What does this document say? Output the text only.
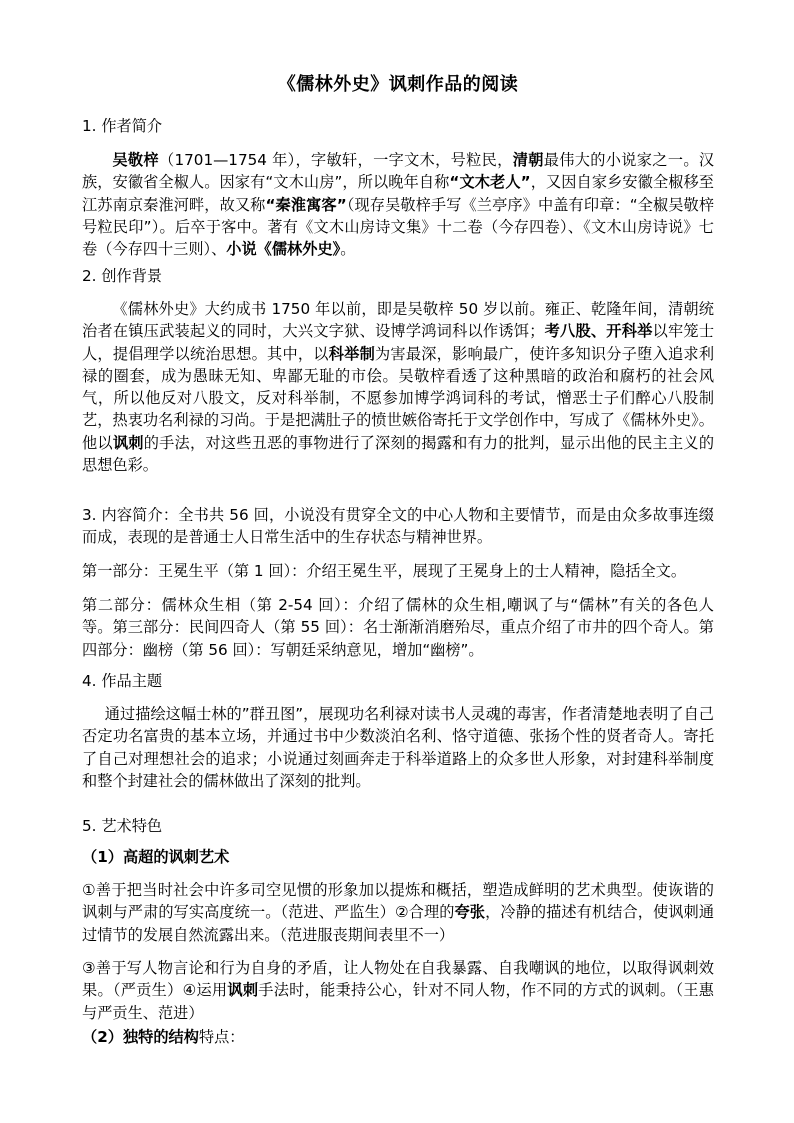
《儒林外史》讽刺作品的阅读
1. 作者简介
吴敬梓（1701—1754 年），字敏轩，一字文木，号粒民，清朝最伟大的小说家之一。汉族，安徽省全椒人。因家有“文木山房”，所以晚年自称“文木老人”，又因自家乡安徽全椒移至江苏南京秦淮河畔，故又称“秦淮寓客”（现存吴敬梓手写《兰亭序》中盖有印章：“全椒吴敬梓号粒民印”）。后卒于客中。著有《文木山房诗文集》十二卷（今存四卷）、《文木山房诗说》七卷（今存四十三则）、小说《儒林外史》。
2. 创作背景
《儒林外史》大约成书 1750 年以前，即是吴敬梓 50 岁以前。雍正、乾隆年间，清朝统治者在镇压武装起义的同时，大兴文字狱、设博学鸿词科以作诱饵；考八股、开科举以牢笼士人，提倡理学以统治思想。其中，以科举制为害最深，影响最广，使许多知识分子堕入追求利禄的圈套，成为愚昧无知、卑鄙无耻的市侩。吴敬梓看透了这种黑暗的政治和腐朽的社会风气，所以他反对八股文，反对科举制，不愿参加博学鸿词科的考试，憎恶士子们醉心八股制艺，热衷功名利禄的习尚。于是把满肚子的愤世嫉俗寄托于文学创作中，写成了《儒林外史》。他以讽刺的手法，对这些丑恶的事物进行了深刻的揭露和有力的批判，显示出他的民主主义的思想色彩。
3. 内容简介：全书共 56 回，小说没有贯穿全文的中心人物和主要情节，而是由众多故事连缀而成，表现的是普通士人日常生活中的生存状态与精神世界。
第一部分：王冕生平（第 1 回）：介绍王冕生平，展现了王冕身上的士人精神，隐括全文。
第二部分：儒林众生相（第 2-54 回）：介绍了儒林的众生相,嘲讽了与“儒林”有关的各色人等。第三部分：民间四奇人（第 55 回）：名士渐渐消磨殆尽，重点介绍了市井的四个奇人。第四部分：幽榜（第 56 回）：写朝廷采纳意见，增加“幽榜”。
4. 作品主题
通过描绘这幅士林的”群丑图”，展现功名利禄对读书人灵魂的毒害，作者清楚地表明了自己否定功名富贵的基本立场，并通过书中少数淡泊名利、恪守道德、张扬个性的贤者奇人。寄托了自己对理想社会的追求；小说通过刻画奔走于科举道路上的众多世人形象，对封建科举制度和整个封建社会的儒林做出了深刻的批判。
5. 艺术特色
（1）高超的讽刺艺术
①善于把当时社会中许多司空见惯的形象加以提炼和概括，塑造成鲜明的艺术典型。使诙谐的讽刺与严肃的写实高度统一。（范进、严监生）②合理的夸张，冷静的描述有机结合，使讽刺通过情节的发展自然流露出来。（范进服丧期间表里不一）
③善于写人物言论和行为自身的矛盾，让人物处在自我暴露、自我嘲讽的地位，以取得讽刺效果。（严贡生）④运用讽刺手法时，能秉持公心，针对不同人物，作不同的方式的讽刺。（王惠与严贡生、范进）
（2）独特的结构特点：
